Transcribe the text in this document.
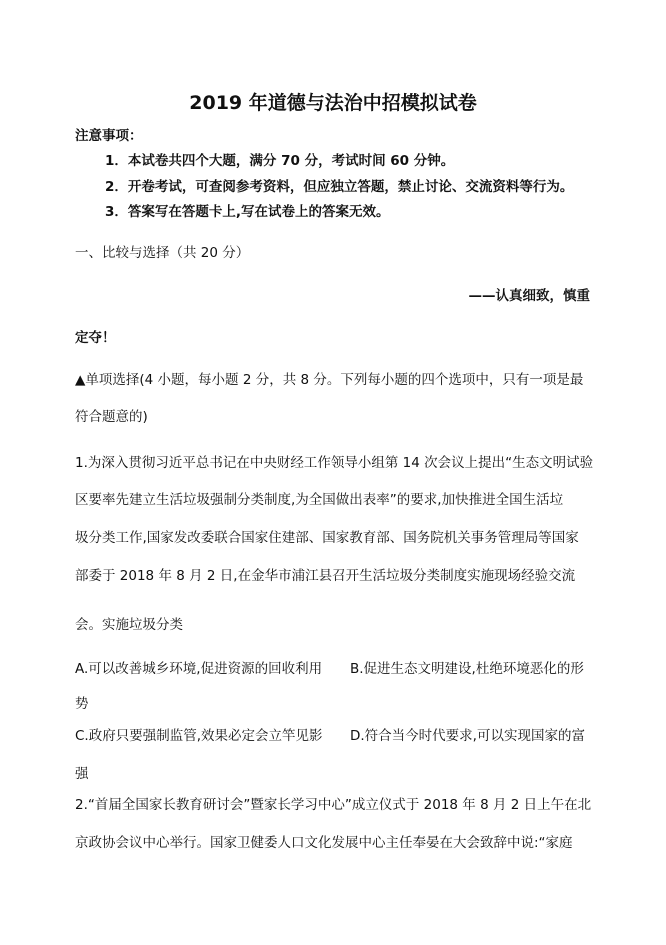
2019 年道德与法治中招模拟试卷
注意事项：
1．本试卷共四个大题，满分 70 分，考试时间 60 分钟。
2．开卷考试，可查阅参考资料，但应独立答题，禁止讨论、交流资料等行为。
3．答案写在答题卡上,写在试卷上的答案无效。
一、比较与选择（共 20 分）
——认真细致，慎重
定夺！
▲单项选择(4 小题，每小题 2 分，共 8 分。下列每小题的四个选项中，只有一项是最
符合题意的)
1.为深入贯彻习近平总书记在中央财经工作领导小组第 14 次会议上提出“生态文明试验
区要率先建立生活垃圾强制分类制度,为全国做出表率”的要求,加快推进全国生活垃
圾分类工作,国家发改委联合国家住建部、国家教育部、国务院机关事务管理局等国家
部委于 2018 年 8 月 2 日,在金华市浦江县召开生活垃圾分类制度实施现场经验交流
会。实施垃圾分类
A.可以改善城乡环境,促进资源的回收利用 B.促进生态文明建设,杜绝环境恶化的形
势
C.政府只要强制监管,效果必定会立竿见影 D.符合当今时代要求,可以实现国家的富
强
2.“首届全国家长教育研讨会”暨家长学习中心”成立仪式于 2018 年 8 月 2 日上午在北
京政协会议中心举行。国家卫健委人口文化发展中心主任奉晏在大会致辞中说:“家庭
